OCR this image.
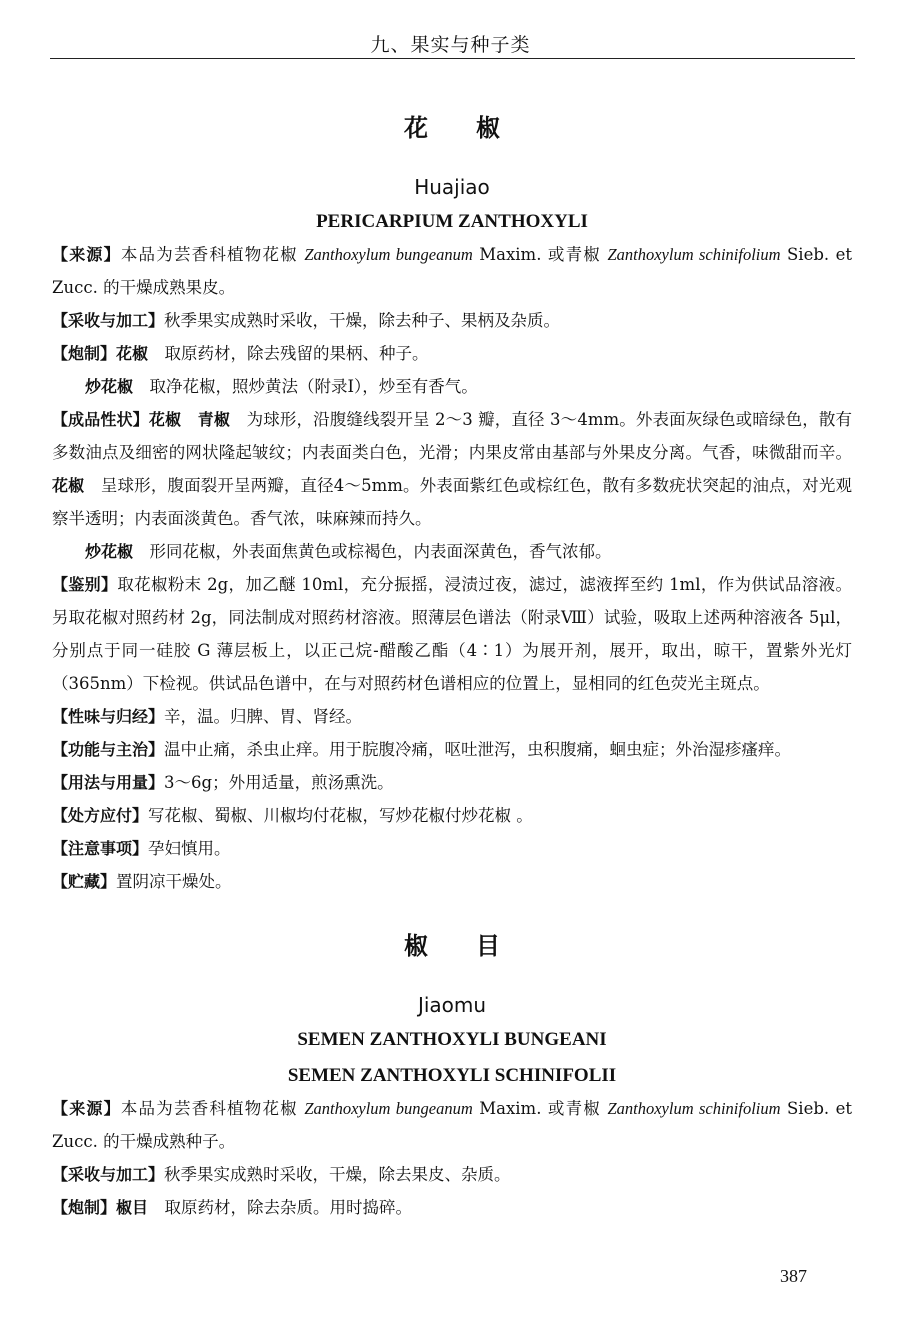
九、果实与种子类
花椒
Huajiao
PERICARPIUM ZANTHOXYLI

【来源】本品为芸香科植物花椒 Zanthoxylum bungeanum Maxim. 或青椒 Zanthoxylum schinifolium Sieb. et Zucc. 的干燥成熟果皮。

【采收与加工】秋季果实成熟时采收，干燥，除去种子、果柄及杂质。

【炮制】花椒　取原药材，除去残留的果柄、种子。

炒花椒　取净花椒，照炒黄法（附录Ⅰ），炒至有香气。

【成品性状】花椒　 青椒　为球形，沿腹缝线裂开呈 2～3 瓣，直径 3～4mm。外表面灰绿色或暗绿色，散有多数油点及细密的网状隆起皱纹；内表面类白色，光滑；内果皮常由基部与外果皮分离。气香，味微甜而辛。花椒　呈球形，腹面裂开呈两瓣，直径4～5mm。外表面紫红色或棕红色，散有多数疣状突起的油点，对光观察半透明；内表面淡黄色。香气浓，味麻辣而持久。

炒花椒　形同花椒，外表面焦黄色或棕褐色，内表面深黄色，香气浓郁。

【鉴别】取花椒粉末 2g，加乙醚 10ml，充分振摇，浸渍过夜，滤过，滤液挥至约 1ml，作为供试品溶液。另取花椒对照药材 2g，同法制成对照药材溶液。照薄层色谱法（附录Ⅷ）试验，吸取上述两种溶液各 5μl，分别点于同一硅胶 G 薄层板上，以正己烷-醋酸乙酯（4∶1）为展开剂，展开，取出，晾干，置紫外光灯（365nm）下检视。供试品色谱中，在与对照药材色谱相应的位置上，显相同的红色荧光主斑点。

【性味与归经】辛，温。归脾、胃、肾经。

【功能与主治】温中止痛，杀虫止痒。用于脘腹冷痛，呕吐泄泻，虫积腹痛，蛔虫症；外治湿疹瘙痒。

【用法与用量】3～6g；外用适量，煎汤熏洗。

【处方应付】写花椒、蜀椒、川椒均付花椒，写炒花椒付炒花椒 。

【注意事项】孕妇慎用。

【贮藏】置阴凉干燥处。

椒目
Jiaomu
SEMEN ZANTHOXYLI BUNGEANI
SEMEN ZANTHOXYLI SCHINIFOLII

【来源】本品为芸香科植物花椒 Zanthoxylum bungeanum Maxim. 或青椒 Zanthoxylum schinifolium Sieb. et Zucc. 的干燥成熟种子。

【采收与加工】秋季果实成熟时采收，干燥，除去果皮、杂质。

【炮制】椒目　取原药材，除去杂质。用时捣碎。

387
